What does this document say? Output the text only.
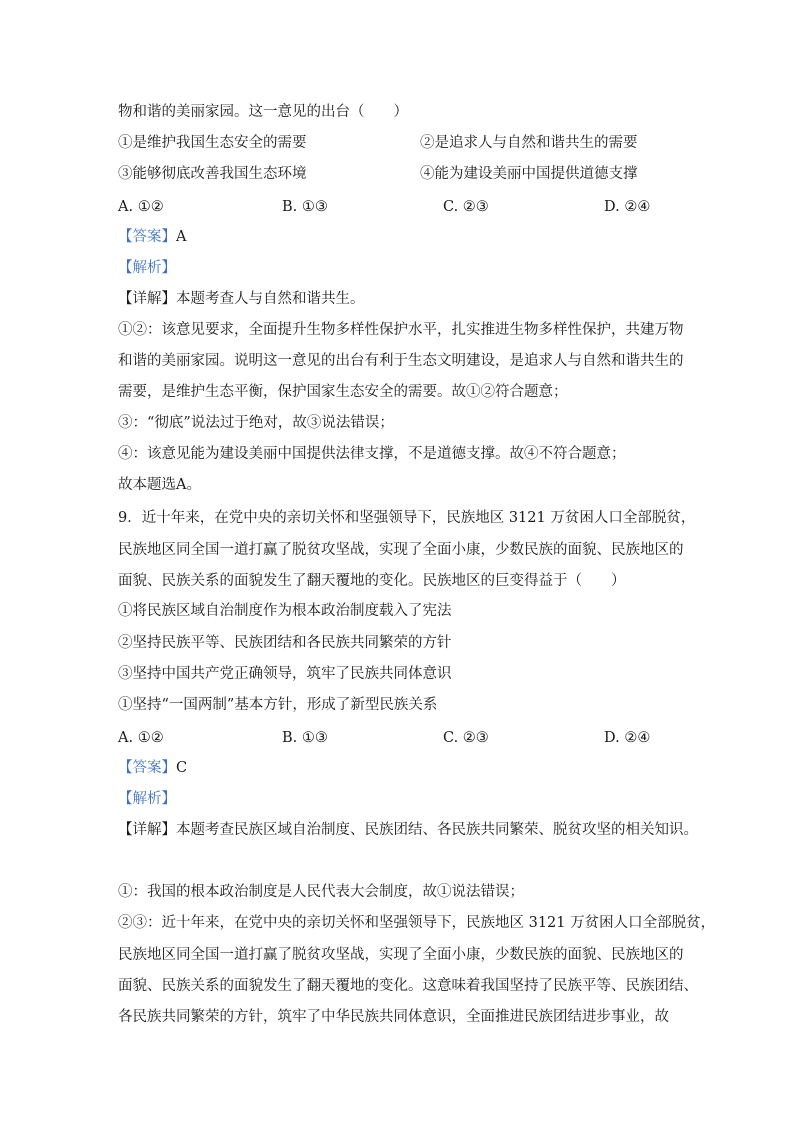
物和谐的美丽家园。这一意见的出台（　　）
①是维护我国生态安全的需要	②是追求人与自然和谐共生的需要
③能够彻底改善我国生态环境	④能为建设美丽中国提供道德支撑
A. ①②	B. ①③	C. ②③	D. ②④
【答案】A
【解析】
【详解】本题考查人与自然和谐共生。
①②：该意见要求，全面提升生物多样性保护水平，扎实推进生物多样性保护，共建万物
和谐的美丽家园。说明这一意见的出台有利于生态文明建设，是追求人与自然和谐共生的
需要，是维护生态平衡，保护国家生态安全的需要。故①②符合题意；
③：“彻底”说法过于绝对，故③说法错误；
④：该意见能为建设美丽中国提供法律支撑，不是道德支撑。故④不符合题意；
故本题选A。
9．近十年来，在党中央的亲切关怀和坚强领导下，民族地区 3121 万贫困人口全部脱贫，
民族地区同全国一道打赢了脱贫攻坚战，实现了全面小康，少数民族的面貌、民族地区的
面貌、民族关系的面貌发生了翻天覆地的变化。民族地区的巨变得益于（　　）
①将民族区域自治制度作为根本政治制度载入了宪法
②坚持民族平等、民族团结和各民族共同繁荣的方针
③坚持中国共产党正确领导，筑牢了民族共同体意识
①坚持“一国两制”基本方针，形成了新型民族关系
A. ①②	B. ①③	C. ②③	D. ②④
【答案】C
【解析】
【详解】本题考查民族区域自治制度、民族团结、各民族共同繁荣、脱贫攻坚的相关知识。
①：我国的根本政治制度是人民代表大会制度，故①说法错误；
②③：近十年来，在党中央的亲切关怀和坚强领导下，民族地区 3121 万贫困人口全部脱贫，
民族地区同全国一道打赢了脱贫攻坚战，实现了全面小康，少数民族的面貌、民族地区的
面貌、民族关系的面貌发生了翻天覆地的变化。这意味着我国坚持了民族平等、民族团结、
各民族共同繁荣的方针，筑牢了中华民族共同体意识，全面推进民族团结进步事业，故
